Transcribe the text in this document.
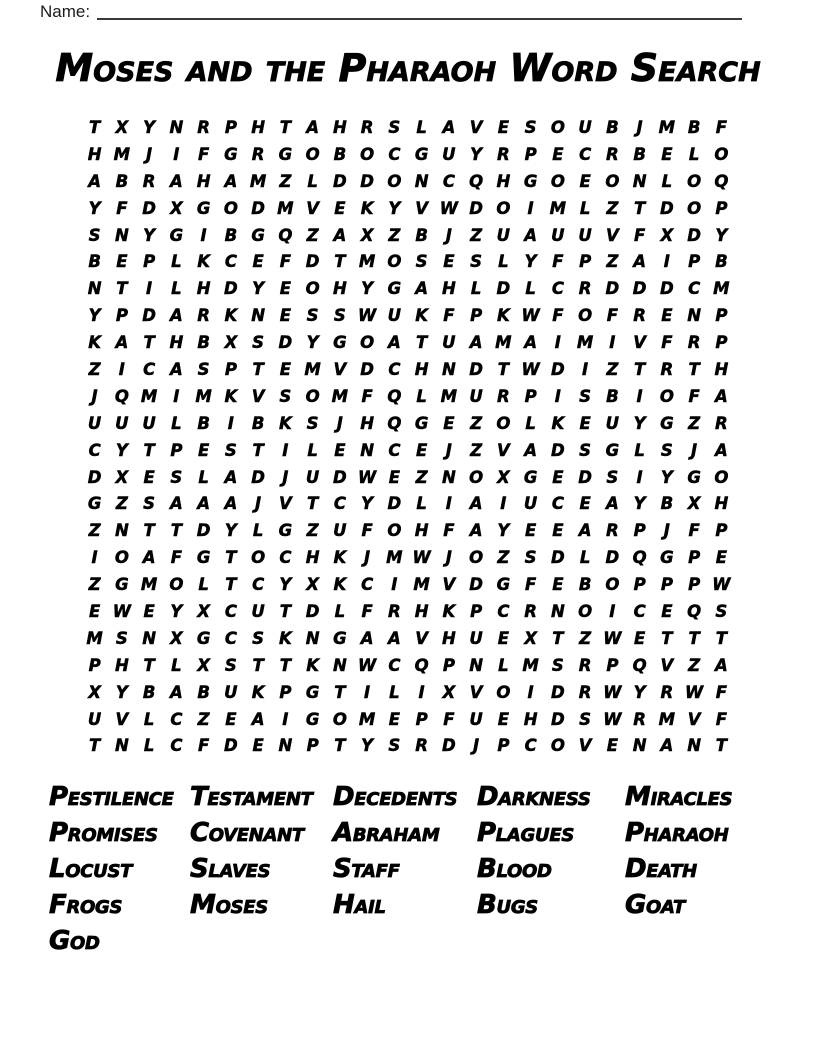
Name:
Moses and the Pharaoh Word Search
T X Y N R P H T A H R S L A V E S O U B	J M B F
H M J	I	F G R G O B O C G U Y R P E C R B E L O
A B R A H A M Z L D D O N C Q H G O E O N L O Q
Y F D X G O D M V E K Y V W D O	I M L Z T D O P
S N Y G	I	B G Q Z A X Z B	J	Z U A U U V F X D Y
B E P L K C E F D T M O S E S L Y F P Z A	I	P B
N T	I	L H D Y E O H Y G A H L D L C R D D D C M
Y P D A R K N E S S W U K F P K W F O F R E N P
K A T H B X S D Y G O A T U A M A	I M I	V F R P
Z	I	C A S P T E M V D C H N D T W D	I	Z T R T H
J	Q M I M K V S O M F Q L M U R P	I	S B	I	O F A
U U U L B	I	B K S	J	H Q G E Z O L K E U Y G Z R
C Y T P E S T	I	L E N C E	J	Z V A D S G L S	J	A
D X E S L A D	J	U D W E Z N O X G E D S	I	Y G O
G Z S A A A	J	V T C Y D L	I	A	I	U C E A Y B X H
Z N T T D Y L G Z U F O H F A Y E E A R P	J	F P
I	O A F G T O C H K	J M W J	O Z S D L D Q G P E
Z G M O L T C Y X K C	I M V D G F E B O P P P W
E W E Y X C U T D L F R H K P C R N O	I	C E Q S
M S N X G C S K N G A A V H U E X T Z W E T T T
P H T L X S T T K N W C Q P N L M S R P Q V Z A
X Y B A B U K P G T	I	L	I	X V O	I	D R W Y R W F
U V L C Z E A	I	G O M E P F U E H D S W R M V F
T N L C F D E N P T Y S R D	J	P C O V E N A N T
Pestilence Testament Decedents Darkness	Miracles
Promises	Covenant	Abraham	Plagues	Pharaoh
Locust	Slaves	Staff	Blood	Death
Frogs	Moses	Hail	Bugs	Goat
God
